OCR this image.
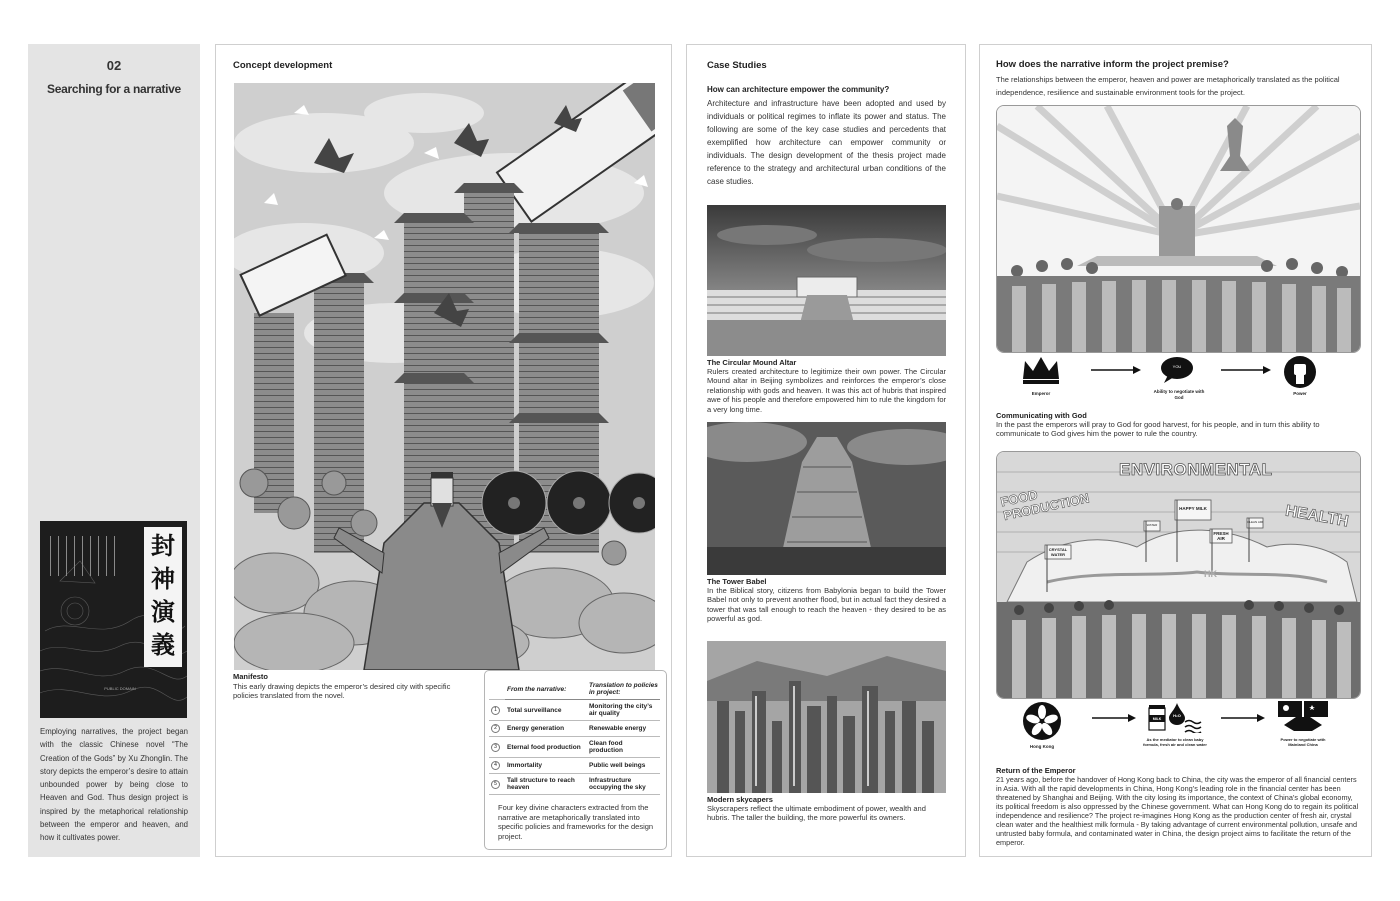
02
Searching for a narrative
封神演義
PUBLIC DOMAIN

Employing narratives, the project began with the classic Chinese novel “The Creation of the Gods” by Xu Zhonglin. The story depicts the emperor’s desire to attain unbounded power by being close to Heaven and God. Thus design project is inspired by the metaphorical relationship between the emperor and heaven, and how it cultivates power.

Concept development
Manifesto

This early drawing depicts the emperor’s desired city with specific policies translated from the novel.

	From the narrative:	Translation to policies in project:
1	Total surveillance	Monitoring the city’s air quality
2	Energy generation	Renewable energy
3	Eternal food production	Clean food production
4	Immortality	Public well beings
5	Tall structure to reach heaven	Infrastructure occupying the sky

Four key divine characters extracted from the narrative are metaphorically translated into specific policies and frameworks for the design project.

Case Studies
How can architecture empower the community?

Architecture and infrastructure have been adopted and used by individuals or political regimes to inflate its power and status. The following are some of the key case studies and percedents that exemplified how architecture can empower community or individuals. The design development of the thesis project made reference to the strategy and architectural urban conditions of the case studies.

The Circular Mound Altar

Rulers created architecture to legitimize their own power. The Circular Mound altar in Beijing symbolizes and reinforces the emperor’s close relationship with gods and heaven. It was this act of hubris that inspired awe of his people and therefore empowered him to rule the kingdom for a very long time.

The Tower Babel

In the Biblical story, citizens from Babylonia began to build the Tower Babel not only to prevent another flood, but in actual fact they desired a tower that was tall enough to reach the heaven - they desired to be as powerful as god.

Modern skycapers

Skyscrapers reflect the ultimate embodiment of power, wealth and hubris. The taller the building, the more powerful its owners.

How does the narrative inform the project premise?

The relationships between the emperor, heaven and power are metaphorically translated as the political independence, resilience and sustainable environment tools for the project.

Emperor
YOU
Ability to negotiate with God
Power
Communicating with God

In the past the emperors will pray to God for good harvest, for his people, and in turn this ability to communicate to God gives him the power to rule the country.

ENVIRONMENTAL
FOOD PRODUCTION	HEALTH
HAPPY MILK
FRESH AIR
CRYSTAL WATER
WATER
CLEAN AIR
HK
Hong Kong
MILK
H₂O
As the mediator to clean baby formula, fresh air and clean water
Power to negotiate with Mainland China
Return of the Emperor

21 years ago, before the handover of Hong Kong back to China, the city was the emperor of all financial centers in Asia. With all the rapid developments in China, Hong Kong’s leading role in the financial center has been threatened by Shanghai and Beijing. With the city losing its importance, the context of China’s global economy, its political freedom is also oppressed by the Chinese government. What can Hong Kong do to regain its political independence and resilience? The project re-imagines Hong Kong as the production center of fresh air, crystal clean water and the healthiest milk formula - By taking advantage of current environmental pollution, unsafe and untrusted baby formula, and contaminated water in China, the design project aims to facilitate the return of the emperor.
